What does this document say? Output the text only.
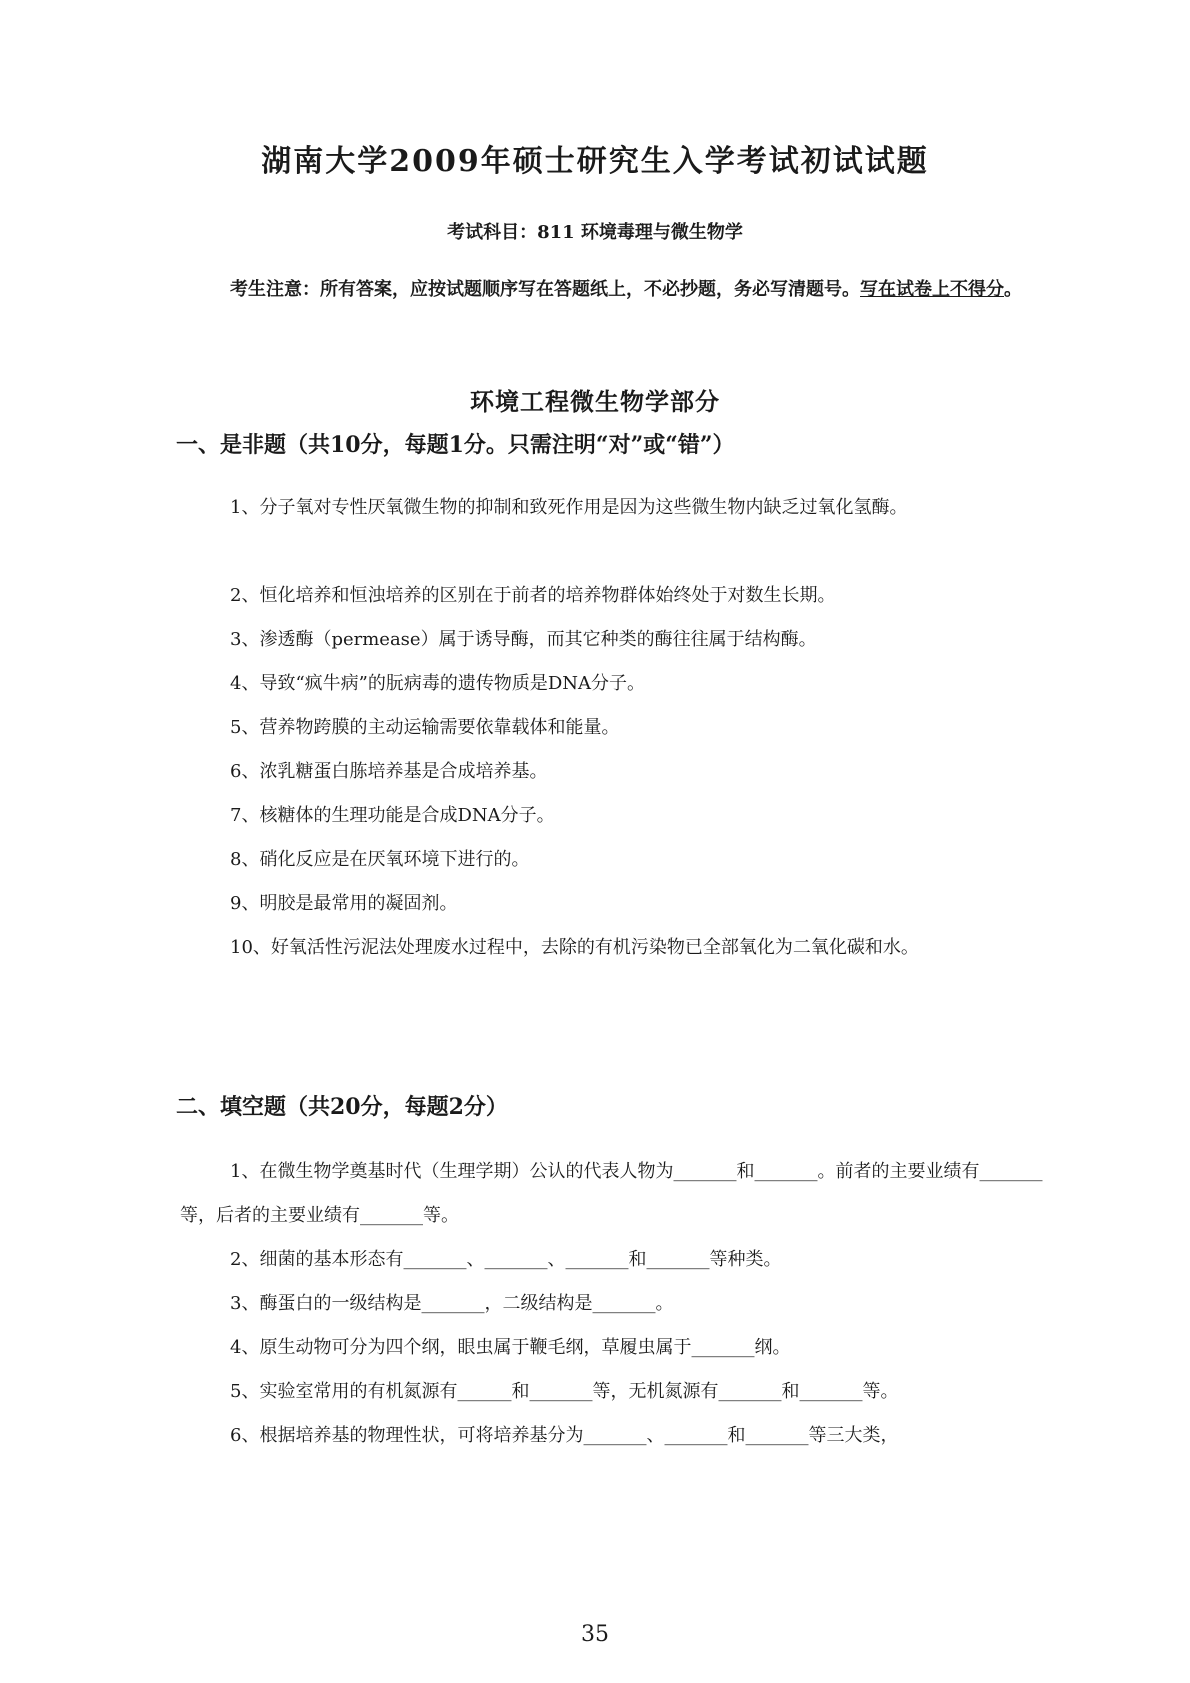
湖南大学2009年硕士研究生入学考试初试试题

考试科目：811 环境毒理与微生物学

考生注意：所有答案，应按试题顺序写在答题纸上，不必抄题，务必写清题号。写在试卷上不得分。

环境工程微生物学部分
一、是非题（共10分，每题1分。只需注明“对”或“错”）

1、分子氧对专性厌氧微生物的抑制和致死作用是因为这些微生物内缺乏过氧化氢酶。

2、恒化培养和恒浊培养的区别在于前者的培养物群体始终处于对数生长期。

3、渗透酶（permease）属于诱导酶，而其它种类的酶往往属于结构酶。

4、导致“疯牛病”的朊病毒的遗传物质是DNA分子。

5、营养物跨膜的主动运输需要依靠载体和能量。

6、浓乳糖蛋白胨培养基是合成培养基。

7、核糖体的生理功能是合成DNA分子。

8、硝化反应是在厌氧环境下进行的。

9、明胶是最常用的凝固剂。

10、好氧活性污泥法处理废水过程中，去除的有机污染物已全部氧化为二氧化碳和水。

二、填空题（共20分，每题2分）

1、在微生物学奠基时代（生理学期）公认的代表人物为_______和_______。前者的主要业绩有_______等，后者的主要业绩有_______等。

2、细菌的基本形态有_______、_______、_______和_______等种类。

3、酶蛋白的一级结构是_______，二级结构是_______。

4、原生动物可分为四个纲，眼虫属于鞭毛纲，草履虫属于_______纲。

5、实验室常用的有机氮源有______和_______等，无机氮源有_______和_______等。

6、根据培养基的物理性状，可将培养基分为_______、_______和_______等三大类，

35
